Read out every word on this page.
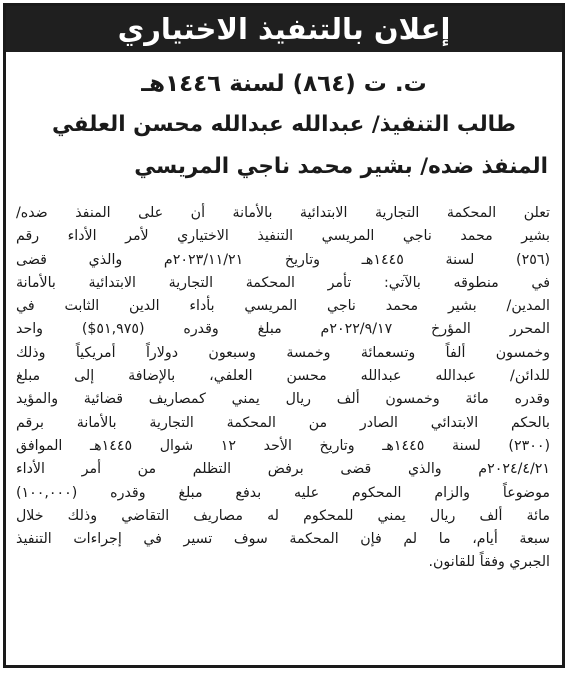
إعلان بالتنفيذ الاختياري
ت. ت (٨٦٤) لسنة ١٤٤٦هـ
طالب التنفيذ/ عبدالله عبدالله محسن العلفي
المنفذ ضده/ بشير محمد ناجي المريسي
تعلن المحكمة التجارية الابتدائية بالأمانة أن على المنفذ ضده/
بشير محمد ناجي المريسي التنفيذ الاختياري لأمر الأداء رقم
(٢٥٦) لسنة ١٤٤٥هـ وتاريخ ٢٠٢٣/١١/٢١م والذي قضى
في منطوقه بالآتي: تأمر المحكمة التجارية الابتدائية بالأمانة
المدين/ بشير محمد ناجي المريسي بأداء الدين الثابت في
المحرر المؤرخ ٢٠٢٢/٩/١٧م مبلغ وقدره (٥١,٩٧٥$) واحد
وخمسون ألفاً وتسعمائة وخمسة وسبعون دولاراً أمريكياً وذلك
للدائن/ عبدالله عبدالله محسن العلفي، بالإضافة إلى مبلغ
وقدره مائة وخمسون ألف ريال يمني كمصاريف قضائية والمؤيد
بالحكم الابتدائي الصادر من المحكمة التجارية بالأمانة برقم
(٢٣٠٠) لسنة ١٤٤٥هـ وتاريخ الأحد ١٢ شوال ١٤٤٥هـ الموافق
٢٠٢٤/٤/٢١م والذي قضى برفض التظلم من أمر الأداء
موضوعاً والزام المحكوم عليه بدفع مبلغ وقدره (١٠٠,٠٠٠)
مائة ألف ريال يمني للمحكوم له مصاريف التقاضي وذلك خلال
سبعة أيام، ما لم فإن المحكمة سوف تسير في إجراءات التنفيذ
الجبري وفقاً للقانون.
